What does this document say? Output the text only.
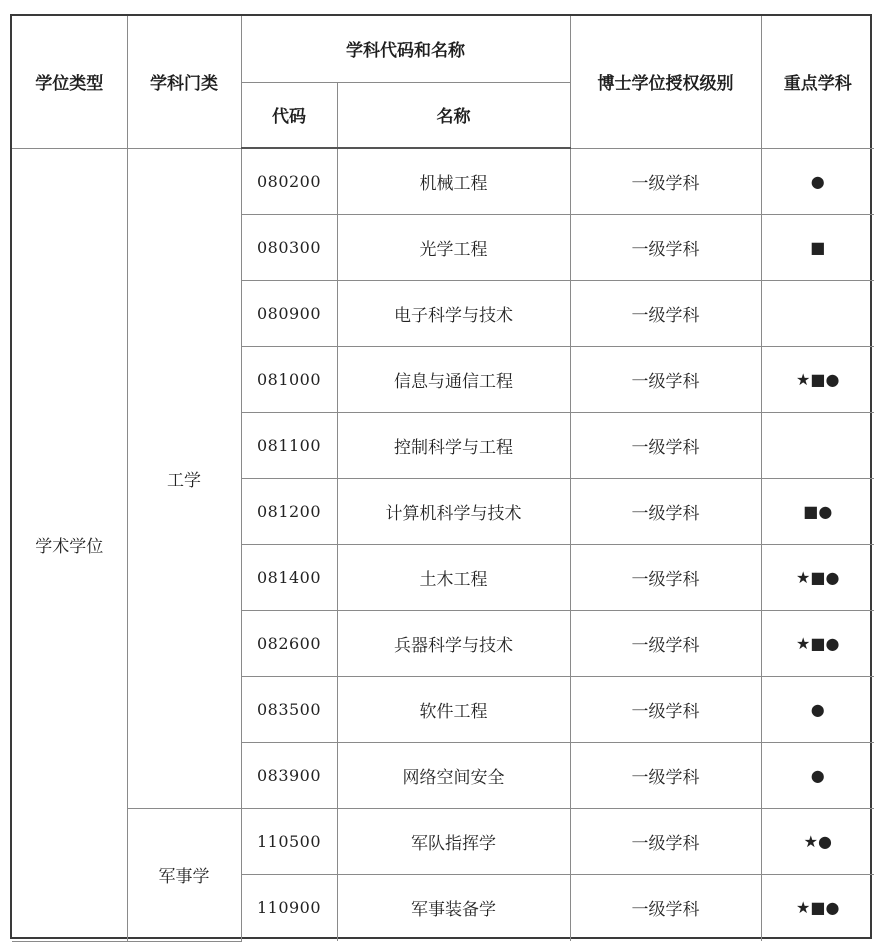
学位类型	学科门类	学科代码和名称		博士学位授权级别	重点学科
		代码	名称		
学术学位	工学	080200	机械工程	一级学科	●
		080300	光学工程	一级学科	■
		080900	电子科学与技术	一级学科	
		081000	信息与通信工程	一级学科	★■●
		081100	控制科学与工程	一级学科	
		081200	计算机科学与技术	一级学科	■●
		081400	土木工程	一级学科	★■●
		082600	兵器科学与技术	一级学科	★■●
		083500	软件工程	一级学科	●
		083900	网络空间安全	一级学科	●
	军事学	110500	军队指挥学	一级学科	★●
		110900	军事装备学	一级学科	★■●
